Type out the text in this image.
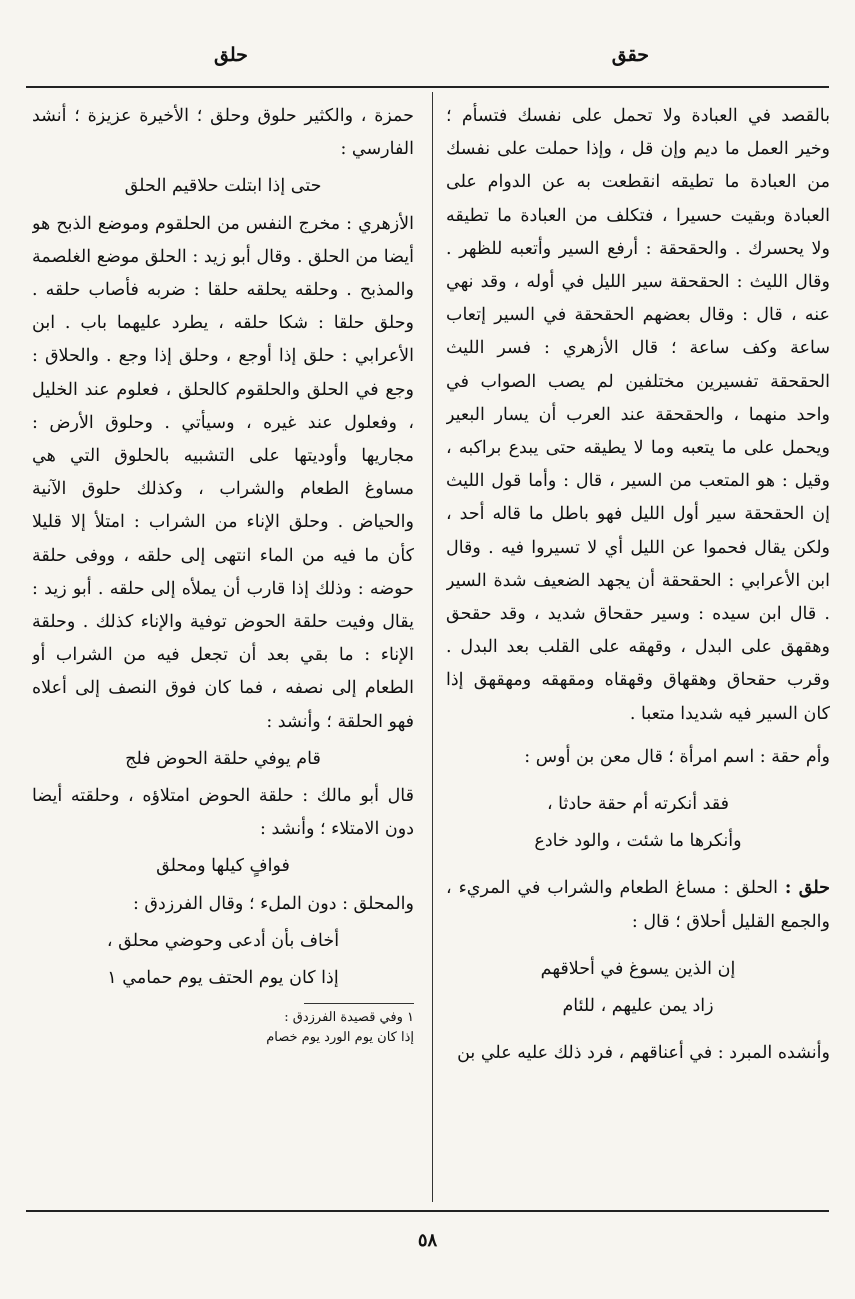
حقق
حلق

بالقصد في العبادة ولا تحمل على نفسك فتسأم ؛ وخير العمل ما ديم وإن قل ، وإذا حملت على نفسك من العبادة ما تطيقه انقطعت به عن الدوام على العبادة وبقيت حسيرا ، فتكلف من العبادة ما تطيقه ولا يحسرك . والحقحقة : أرفع السير وأتعبه للظهر . وقال الليث : الحقحقة سير الليل في أوله ، وقد نهي عنه ، قال : وقال بعضهم الحقحقة في السير إتعاب ساعة وكف ساعة ؛ قال الأزهري : فسر الليث الحقحقة تفسيرين مختلفين لم يصب الصواب في واحد منهما ، والحقحقة عند العرب أن يسار البعير ويحمل على ما يتعبه وما لا يطيقه حتى يبدع براكبه ، وقيل : هو المتعب من السير ، قال : وأما قول الليث إن الحقحقة سير أول الليل فهو باطل ما قاله أحد ، ولكن يقال فحموا عن الليل أي لا تسيروا فيه . وقال ابن الأعرابي : الحقحقة أن يجهد الضعيف شدة السير . قال ابن سيده : وسير حقحاق شديد ، وقد حقحق وهقهق على البدل ، وقهقه على القلب بعد البدل . وقرب حقحاق وهقهاق وقهقاه ومقهقه ومهقهق إذا كان السير فيه شديدا متعبا .

وأم حقة : اسم امرأة ؛ قال معن بن أوس :

فقد أنكرته أم حقة حادثا ،

وأنكرها ما شئت ، والود خادع

حلق : الحلق : مساغ الطعام والشراب في المريء ، والجمع القليل أحلاق ؛ قال :

إن الذين يسوغ في أحلاقهم

زاد يمن عليهم ، للئام

وأنشده المبرد : في أعناقهم ، فرد ذلك عليه علي بن

حمزة ، والكثير حلوق وحلق ؛ الأخيرة عزيزة ؛ أنشد الفارسي :

حتى إذا ابتلت حلاقيم الحلق

الأزهري : مخرج النفس من الحلقوم وموضع الذبح هو أيضا من الحلق . وقال أبو زيد : الحلق موضع الغلصمة والمذبح . وحلقه يحلقه حلقا : ضربه فأصاب حلقه . وحلق حلقا : شكا حلقه ، يطرد عليهما باب . ابن الأعرابي : حلق إذا أوجع ، وحلق إذا وجع . والحلاق : وجع في الحلق والحلقوم كالحلق ، فعلوم عند الخليل ، وفعلول عند غيره ، وسيأتي . وحلوق الأرض : مجاريها وأوديتها على التشبيه بالحلوق التي هي مساوغ الطعام والشراب ، وكذلك حلوق الآنية والحياض . وحلق الإناء من الشراب : امتلأ إلا قليلا كأن ما فيه من الماء انتهى إلى حلقه ، ووفى حلقة حوضه : وذلك إذا قارب أن يملأه إلى حلقه . أبو زيد : يقال وفيت حلقة الحوض توفية والإناء كذلك . وحلقة الإناء : ما بقي بعد أن تجعل فيه من الشراب أو الطعام إلى نصفه ، فما كان فوق النصف إلى أعلاه فهو الحلقة ؛ وأنشد :

قام يوفي حلقة الحوض فلج

قال أبو مالك : حلقة الحوض امتلاؤه ، وحلقته أيضا دون الامتلاء ؛ وأنشد :

فوافٍ كيلها ومحلق

والمحلق : دون الملء ؛ وقال الفرزدق :

أخاف بأن أدعى وحوضي محلق ،

إذا كان يوم الحتف يوم حمامي ١

١ وفي قصيدة الفرزدق :

إذا كان يوم الورد يوم خصام

٥٨
